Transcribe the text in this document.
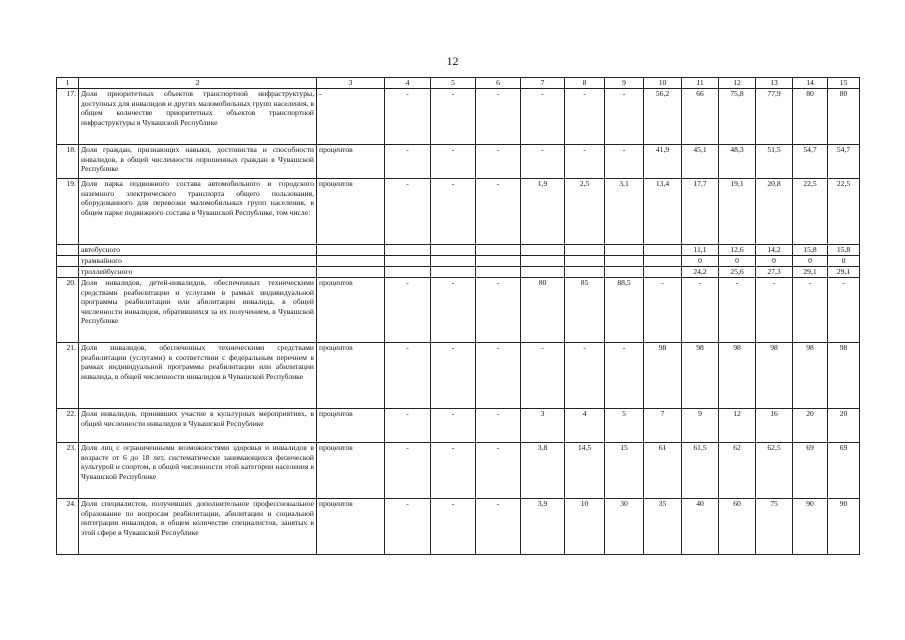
12
1	2	3	4	5	6	7	8	9	10	11	12	13	14	15
17.	Доля приоритетных объектов транспортной инфраструктуры, доступных для инвалидов и других маломобильных групп населения, в общем количестве приоритетных объектов транспортной инфраструктуры в Чувашской Республике	-	-	-	-	-	-	-	56,2	66	75,8	77,9	80	80
18.	Доля граждан, признающих навыки, достоинства и способности инвалидов, в общей численности опрошенных граждан в Чувашской Республике	процентов	-	-	-	-	-	-	41,9	45,1	48,3	51,5	54,7	54,7
19.	Доля парка подвижного состава автомобильного и городского наземного электрического транспорта общего пользования, оборудованного для перевозки маломобильных групп населения, в общем парке подвижного состава в Чувашской Республике, том числе:	процентов	-	-	-	1,9	2,5	3,1	13,4	17,7	19,1	20,8	22,5	22,5
	автобусного									11,1	12,6	14,2	15,8	15,8
	трамвайного									0	0	0	0	0
	троллейбусного									24,2	25,6	27,3	29,1	29,1
20.	Доля инвалидов, детей-инвалидов, обеспеченных техническими средствами реабилитации и услугами в рамках индивидуальной программы реабилитации или абилитации инвалида, в общей численности инвалидов, обратившихся за их получением, в Чувашской Республике	процентов	-	-	-	80	85	88,5	-	-	-	-	-	-
21.	Доля инвалидов, обеспеченных техническими средствами реабилитации (услугами) в соответствии с федеральным перечнем в рамках индивидуальной программы реабилитации или абилитации инвалида, в общей численности инвалидов в Чувашской Республике	процентов	-	-	-	-	-	-	98	98	98	98	98	98
22.	Доля инвалидов, принявших участие в культурных мероприятиях, в общей численности инвалидов в Чувашской Республике	процентов	-	-	-	3	4	5	7	9	12	16	20	20
23.	Доля лиц с ограниченными возможностями здоровья и инвалидов в возрасте от 6 до 18 лет, систематически занимающихся физической культурой и спортом, в общей численности этой категории населения в Чувашской Республике	процентов	-	-	-	3,8	14,5	15	61	61,5	62	62,5	69	69
24.	Доля специалистов, получивших дополнительное профессиональное образование по вопросам реабилитации, абилитации и социальной интеграции инвалидов, в общем количестве специалистов, занятых в этой сфере в Чувашской Республике	процентов	-	-	-	3,9	10	30	35	40	60	75	90	90
